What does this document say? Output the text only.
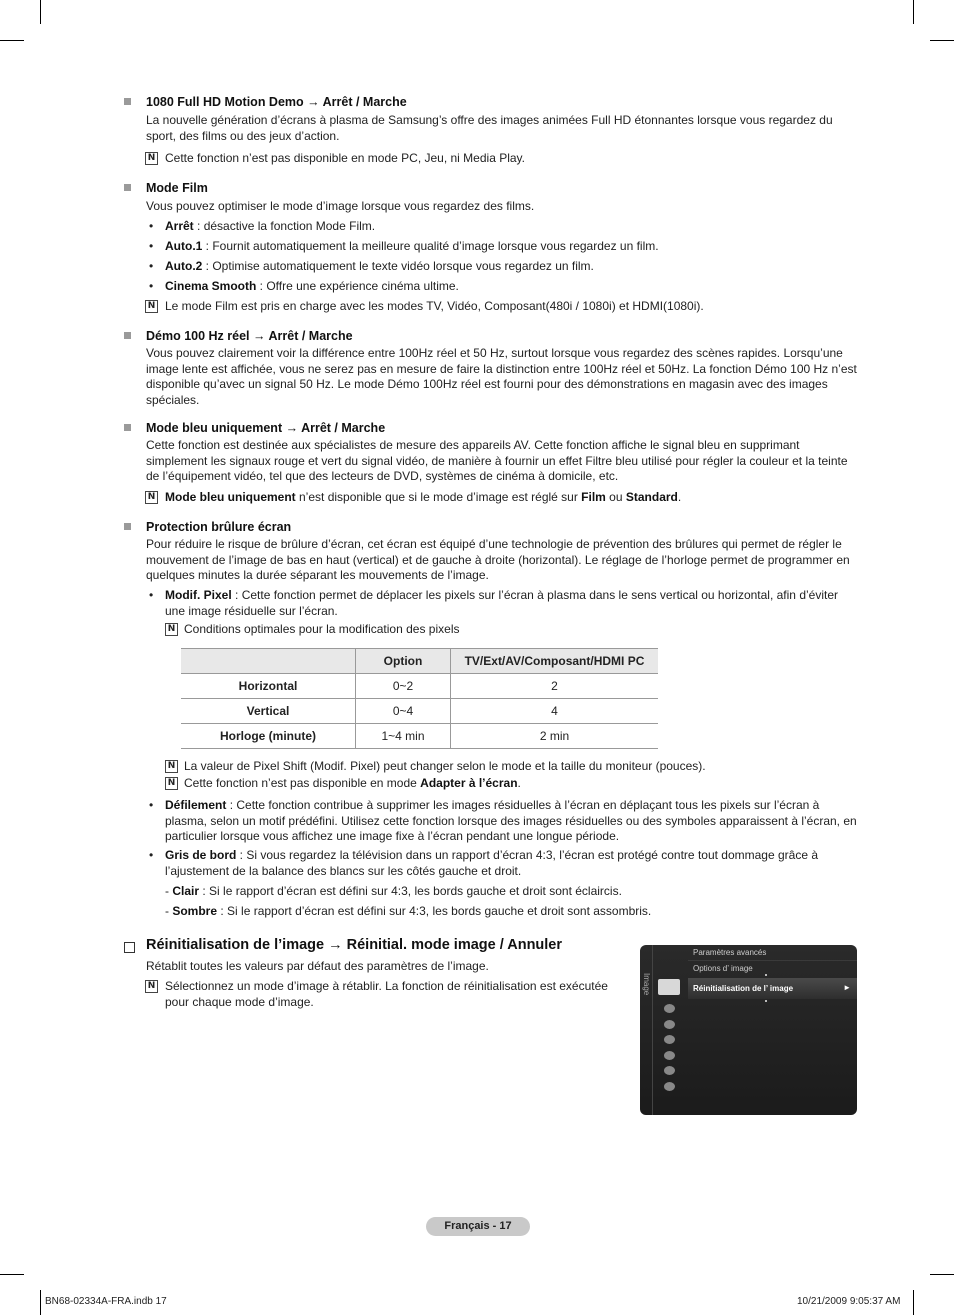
1080 Full HD Motion Demo → Arrêt / Marche
La nouvelle génération d’écrans à plasma de Samsung’s offre des images animées Full HD étonnantes lorsque vous regardez du sport, des films ou des jeux d’action.
N Cette fonction n’est pas disponible en mode PC, Jeu, ni Media Play.
Mode Film
Vous pouvez optimiser le mode d’image lorsque vous regardez des films.
• Arrêt : désactive la fonction Mode Film.
• Auto.1 : Fournit automatiquement la meilleure qualité d’image lorsque vous regardez un film.
• Auto.2 : Optimise automatiquement le texte vidéo lorsque vous regardez un film.
• Cinema Smooth : Offre une expérience cinéma ultime.
N Le mode Film est pris en charge avec les modes TV, Vidéo, Composant(480i / 1080i) et HDMI(1080i).
Démo 100 Hz réel → Arrêt / Marche
Vous pouvez clairement voir la différence entre 100Hz réel et 50 Hz, surtout lorsque vous regardez des scènes rapides. Lorsqu’une image lente est affichée, vous ne serez pas en mesure de faire la distinction entre 100Hz réel et 50Hz. La fonction Démo 100 Hz n’est disponible qu’avec un signal 50 Hz. Le mode Démo 100Hz réel est fourni pour des démonstrations en magasin avec des images spéciales.
Mode bleu uniquement → Arrêt / Marche
Cette fonction est destinée aux spécialistes de mesure des appareils AV. Cette fonction affiche le signal bleu en supprimant simplement les signaux rouge et vert du signal vidéo, de manière à fournir un effet Filtre bleu utilisé pour régler la couleur et la teinte de l’équipement vidéo, tel que des lecteurs de DVD, systèmes de cinéma à domicile, etc.
N Mode bleu uniquement n’est disponible que si le mode d’image est réglé sur Film ou Standard.
Protection brûlure écran
Pour réduire le risque de brûlure d’écran, cet écran est équipé d’une technologie de prévention des brûlures qui permet de régler le mouvement de l’image de bas en haut (vertical) et de gauche à droite (horizontal). Le réglage de l’horloge permet de programmer en quelques minutes la durée séparant les mouvements de l’image.
• Modif. Pixel : Cette fonction permet de déplacer les pixels sur l’écran à plasma dans le sens vertical ou horizontal, afin d’éviter une image résiduelle sur l’écran.
N Conditions optimales pour la modification des pixels
	Option	TV/Ext/AV/Composant/HDMI PC
Horizontal	0~2	2
Vertical	0~4	4
Horloge (minute)	1~4 min	2 min
N La valeur de Pixel Shift (Modif. Pixel) peut changer selon le mode et la taille du moniteur (pouces).
N Cette fonction n’est pas disponible en mode Adapter à l’écran.
• Défilement : Cette fonction contribue à supprimer les images résiduelles à l’écran en déplaçant tous les pixels sur l’écran à plasma, selon un motif prédéfini. Utilisez cette fonction lorsque des images résiduelles ou des symboles apparaissent à l’écran, en particulier lorsque vous affichez une image fixe à l’écran pendant une longue période.
• Gris de bord : Si vous regardez la télévision dans un rapport d’écran 4:3, l’écran est protégé contre tout dommage grâce à l’ajustement de la balance des blancs sur les côtés gauche et droit.
- Clair : Si le rapport d’écran est défini sur 4:3, les bords gauche et droit sont éclaircis.
- Sombre : Si le rapport d’écran est défini sur 4:3, les bords gauche et droit sont assombris.
Réinitialisation de l’image → Réinitial. mode image / Annuler
Rétablit toutes les valeurs par défaut des paramètres de l’image.
N Sélectionnez un mode d’image à rétablir. La fonction de réinitialisation est exécutée pour chaque mode d’image.
Image
Paramètres avancés
Options d’ image
Réinitialisation de l’ image	►
Français - 17
BN68-02334A-FRA.indb 17	10/21/2009 9:05:37 AM
